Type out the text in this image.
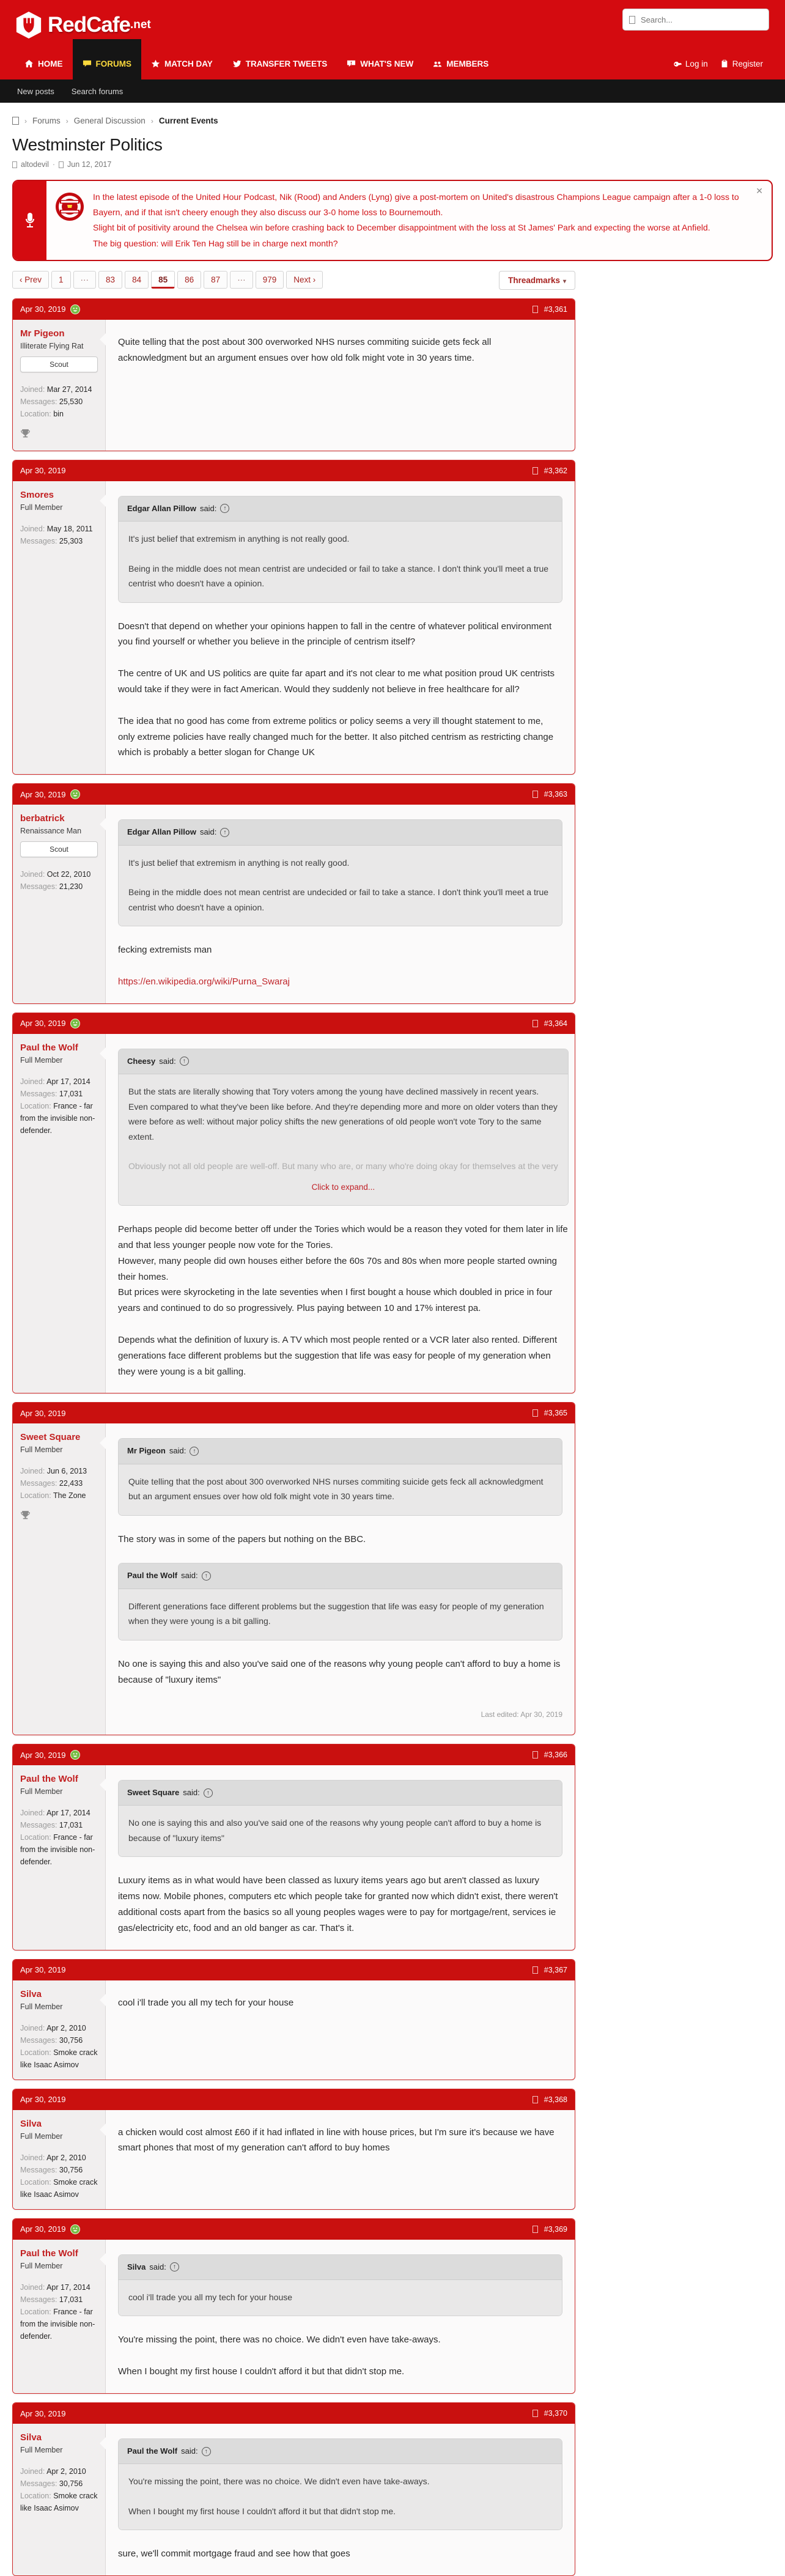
RedCafe .net
Search...
HOME	FORUMS	MATCH DAY	TRANSFER TWEETS	WHAT'S NEW	MEMBERS	Log in	Register
New posts	Search forums
› Forums › General Discussion › Current Events
Westminster Politics
altodevil · Jun 12, 2017
In the latest episode of the United Hour Podcast, Nik (Rood) and Anders (Lyng) give a post-mortem on United's disastrous Champions League campaign after a 1-0 loss to Bayern, and if that isn't cheery enough they also discuss our 3-0 home loss to Bournemouth.
Slight bit of positivity around the Chelsea win before crashing back to December disappointment with the loss at St James' Park and expecting the worse at Anfield.
The big question: will Erik Ten Hag still be in charge next month?
✕
‹ Prev	1	···	83	84	85	86	87	···	979	Next ›	Threadmarks ▾
Apr 30, 2019	#3,361
Mr Pigeon
Illiterate Flying Rat
Scout
Joined: Mar 27, 2014
Messages: 25,530
Location: bin

Quite telling that the post about 300 overworked NHS nurses commiting suicide gets feck all acknowledgment but an argument ensues over how old folk might vote in 30 years time.

Apr 30, 2019	#3,362
Smores
Full Member
Joined: May 18, 2011
Messages: 25,303
Edgar Allan Pillow said:	↑

It's just belief that extremism in anything is not really good.

Being in the middle does not mean centrist are undecided or fail to take a stance. I don't think you'll meet a true centrist who doesn't have a opinion.

Doesn't that depend on whether your opinions happen to fall in the centre of whatever political environment you find yourself or whether you believe in the principle of centrism itself?

The centre of UK and US politics are quite far apart and it's not clear to me what position proud UK centrists would take if they were in fact American. Would they suddenly not believe in free healthcare for all?

The idea that no good has come from extreme politics or policy seems a very ill thought statement to me, only extreme policies have really changed much for the better. It also pitched centrism as restricting change which is probably a better slogan for Change UK

Apr 30, 2019	#3,363
berbatrick
Renaissance Man
Scout
Joined: Oct 22, 2010
Messages: 21,230
Edgar Allan Pillow said:	↑

It's just belief that extremism in anything is not really good.

Being in the middle does not mean centrist are undecided or fail to take a stance. I don't think you'll meet a true centrist who doesn't have a opinion.

fecking extremists man

https://en.wikipedia.org/wiki/Purna_Swaraj
Apr 30, 2019	#3,364
Paul the Wolf
Full Member
Joined: Apr 17, 2014
Messages: 17,031
Location: France - far from the invisible non-defender.
Cheesy said:	↑

But the stats are literally showing that Tory voters among the young have declined massively in recent years. Even compared to what they've been like before. And they're depending more and more on older voters than they were before as well: without major policy shifts the new generations of old people won't vote Tory to the same extent.

Obviously not all old people are well-off. But many who are, or many who're doing okay for themselves at the very
Click to expand...

Perhaps people did become better off under the Tories which would be a reason they voted for them later in life and that less younger people now vote for the Tories.

However, many people did own houses either before the 60s 70s and 80s when more people started owning their homes.

But prices were skyrocketing in the late seventies when I first bought a house which doubled in price in four years and continued to do so progressively. Plus paying between 10 and 17% interest pa.

Depends what the definition of luxury is. A TV which most people rented or a VCR later also rented. Different generations face different problems but the suggestion that life was easy for people of my generation when they were young is a bit galling.

Apr 30, 2019	#3,365
Sweet Square
Full Member
Joined: Jun 6, 2013
Messages: 22,433
Location: The Zone
Mr Pigeon said:	↑

Quite telling that the post about 300 overworked NHS nurses commiting suicide gets feck all acknowledgment but an argument ensues over how old folk might vote in 30 years time.

The story was in some of the papers but nothing on the BBC.

Paul the Wolf said:	↑

Different generations face different problems but the suggestion that life was easy for people of my generation when they were young is a bit galling.

No one is saying this and also you've said one of the reasons why young people can't afford to buy a home is because of "luxury items"

Last edited: Apr 30, 2019
Apr 30, 2019	#3,366
Paul the Wolf
Full Member
Joined: Apr 17, 2014
Messages: 17,031
Location: France - far from the invisible non-defender.
Sweet Square said:	↑

No one is saying this and also you've said one of the reasons why young people can't afford to buy a home is because of "luxury items"

Luxury items as in what would have been classed as luxury items years ago but aren't classed as luxury items now. Mobile phones, computers etc which people take for granted now which didn't exist, there weren't additional costs apart from the basics so all young peoples wages were to pay for mortgage/rent, services ie gas/electricity etc, food and an old banger as car. That's it.

Apr 30, 2019	#3,367
Silva
Full Member
Joined: Apr 2, 2010
Messages: 30,756
Location: Smoke crack like Isaac Asimov

cool i'll trade you all my tech for your house

Apr 30, 2019	#3,368
Silva
Full Member
Joined: Apr 2, 2010
Messages: 30,756
Location: Smoke crack like Isaac Asimov

a chicken would cost almost £60 if it had inflated in line with house prices, but I'm sure it's because we have smart phones that most of my generation can't afford to buy homes

Apr 30, 2019	#3,369
Paul the Wolf
Full Member
Joined: Apr 17, 2014
Messages: 17,031
Location: France - far from the invisible non-defender.
Silva said:	↑

cool i'll trade you all my tech for your house

You're missing the point, there was no choice. We didn't even have take-aways.

When I bought my first house I couldn't afford it but that didn't stop me.

Apr 30, 2019	#3,370
Silva
Full Member
Joined: Apr 2, 2010
Messages: 30,756
Location: Smoke crack like Isaac Asimov
Paul the Wolf said:	↑

You're missing the point, there was no choice. We didn't even have take-aways.

When I bought my first house I couldn't afford it but that didn't stop me.

sure, we'll commit mortgage fraud and see how that goes
